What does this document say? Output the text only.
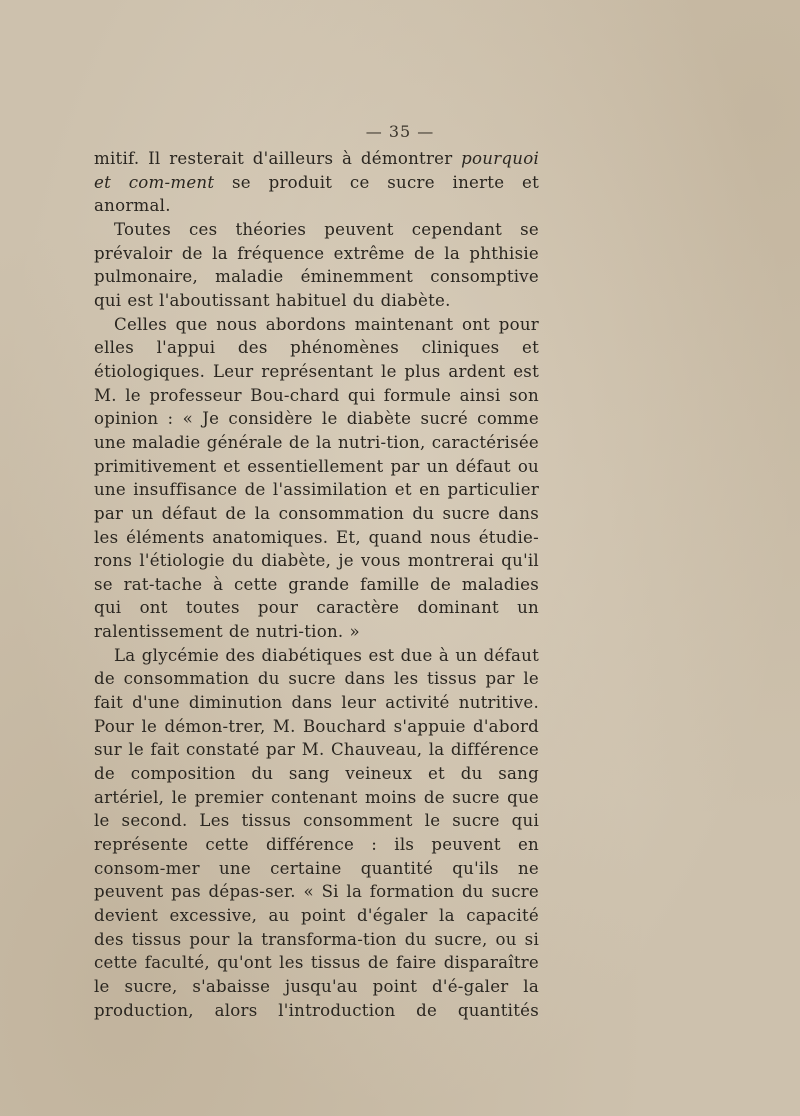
— 35 —

mitif. Il resterait d'ailleurs à démontrer pourquoi et com-ment se produit ce sucre inerte et anormal.

Toutes ces théories peuvent cependant se prévaloir de la fréquence extrême de la phthisie pulmonaire, maladie éminemment consomptive qui est l'aboutissant habituel du diabète.

Celles que nous abordons maintenant ont pour elles l'appui des phénomènes cliniques et étiologiques. Leur représentant le plus ardent est M. le professeur Bou-chard qui formule ainsi son opinion : « Je considère le diabète sucré comme une maladie générale de la nutri-tion, caractérisée primitivement et essentiellement par un défaut ou une insuffisance de l'assimilation et en particulier par un défaut de la consommation du sucre dans les éléments anatomiques. Et, quand nous étudie-rons l'étiologie du diabète, je vous montrerai qu'il se rat-tache à cette grande famille de maladies qui ont toutes pour caractère dominant un ralentissement de nutri-tion. »

La glycémie des diabétiques est due à un défaut de consommation du sucre dans les tissus par le fait d'une diminution dans leur activité nutritive. Pour le démon-trer, M. Bouchard s'appuie d'abord sur le fait constaté par M. Chauveau, la différence de composition du sang veineux et du sang artériel, le premier contenant moins de sucre que le second. Les tissus consomment le sucre qui représente cette différence : ils peuvent en consom-mer une certaine quantité qu'ils ne peuvent pas dépas-ser. « Si la formation du sucre devient excessive, au point d'égaler la capacité des tissus pour la transforma-tion du sucre, ou si cette faculté, qu'ont les tissus de faire disparaître le sucre, s'abaisse jusqu'au point d'é-galer la production, alors l'introduction de quantités
